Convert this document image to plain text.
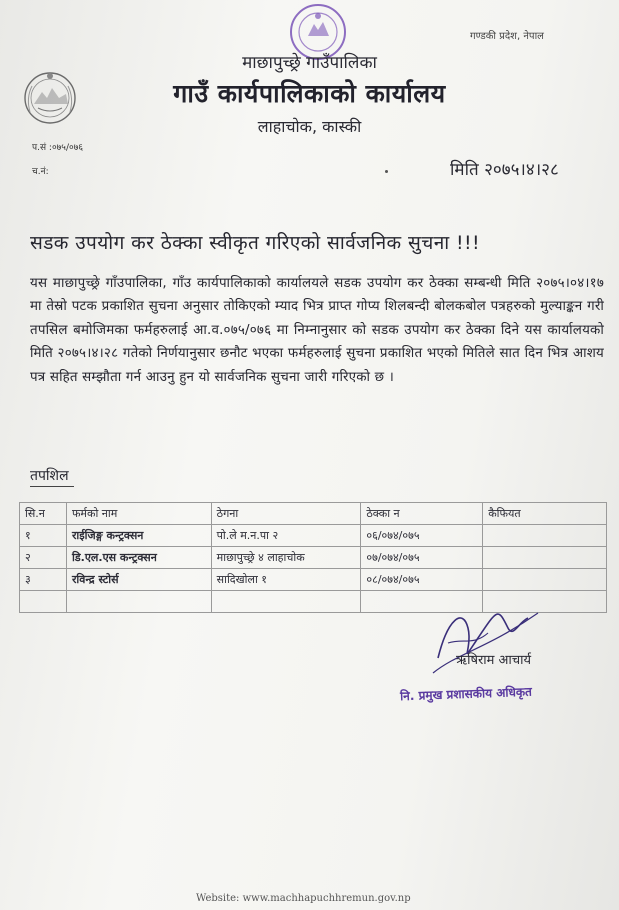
गण्डकी प्रदेश, नेपाल
माछापुच्छ्रे गाउँपालिका
गाउँ कार्यपालिकाको कार्यालय
लाहाचोक, कास्की
प.सं :०७५/०७६
च.नं:	मिति २०७५।४।२८
सडक उपयोग कर ठेक्का स्वीकृत गरिएको सार्वजनिक सुचना !!!
यस माछापुच्छ्रे गाँउपालिका, गाँउ कार्यपालिकाको कार्यालयले सडक उपयोग कर ठेक्का सम्बन्धी मिति २०७५।०४।१७ मा तेस्रो पटक प्रकाशित सुचना अनुसार तोकिएको म्याद भित्र प्राप्त गोप्य शिलबन्दी बोलकबोल पत्रहरुको मुल्याङ्कन गरी तपसिल बमोजिमका फर्महरुलाई आ.व.०७५/०७६ मा निम्नानुसार को सडक उपयोग कर ठेक्का दिने यस कार्यालयको मिति २०७५।४।२८ गतेको निर्णयानुसार छनौट भएका फर्महरुलाई सुचना प्रकाशित भएको मितिले सात दिन भित्र आशय पत्र सहित सम्झौता गर्न आउनु हुन यो सार्वजनिक सुचना जारी गरिएको छ ।
तपशिल
सि.न	फर्मको नाम	ठेगना	ठेक्का न	कैफियत
१	राईजिङ्ग कन्ट्रक्सन	पो.ले म.न.पा २	०६/०७४/०७५	
२	डि.एल.एस कन्ट्रक्सन	माछापुच्छ्रे ४ लाहाचोक	०७/०७४/०७५	
३	रविन्द्र स्टोर्स	सादिखोला १	०८/०७४/०७५	

ऋषिराम आचार्य
नि. प्रमुख प्रशासकीय अधिकृत
Website: www.machhapuchhremun.gov.np
